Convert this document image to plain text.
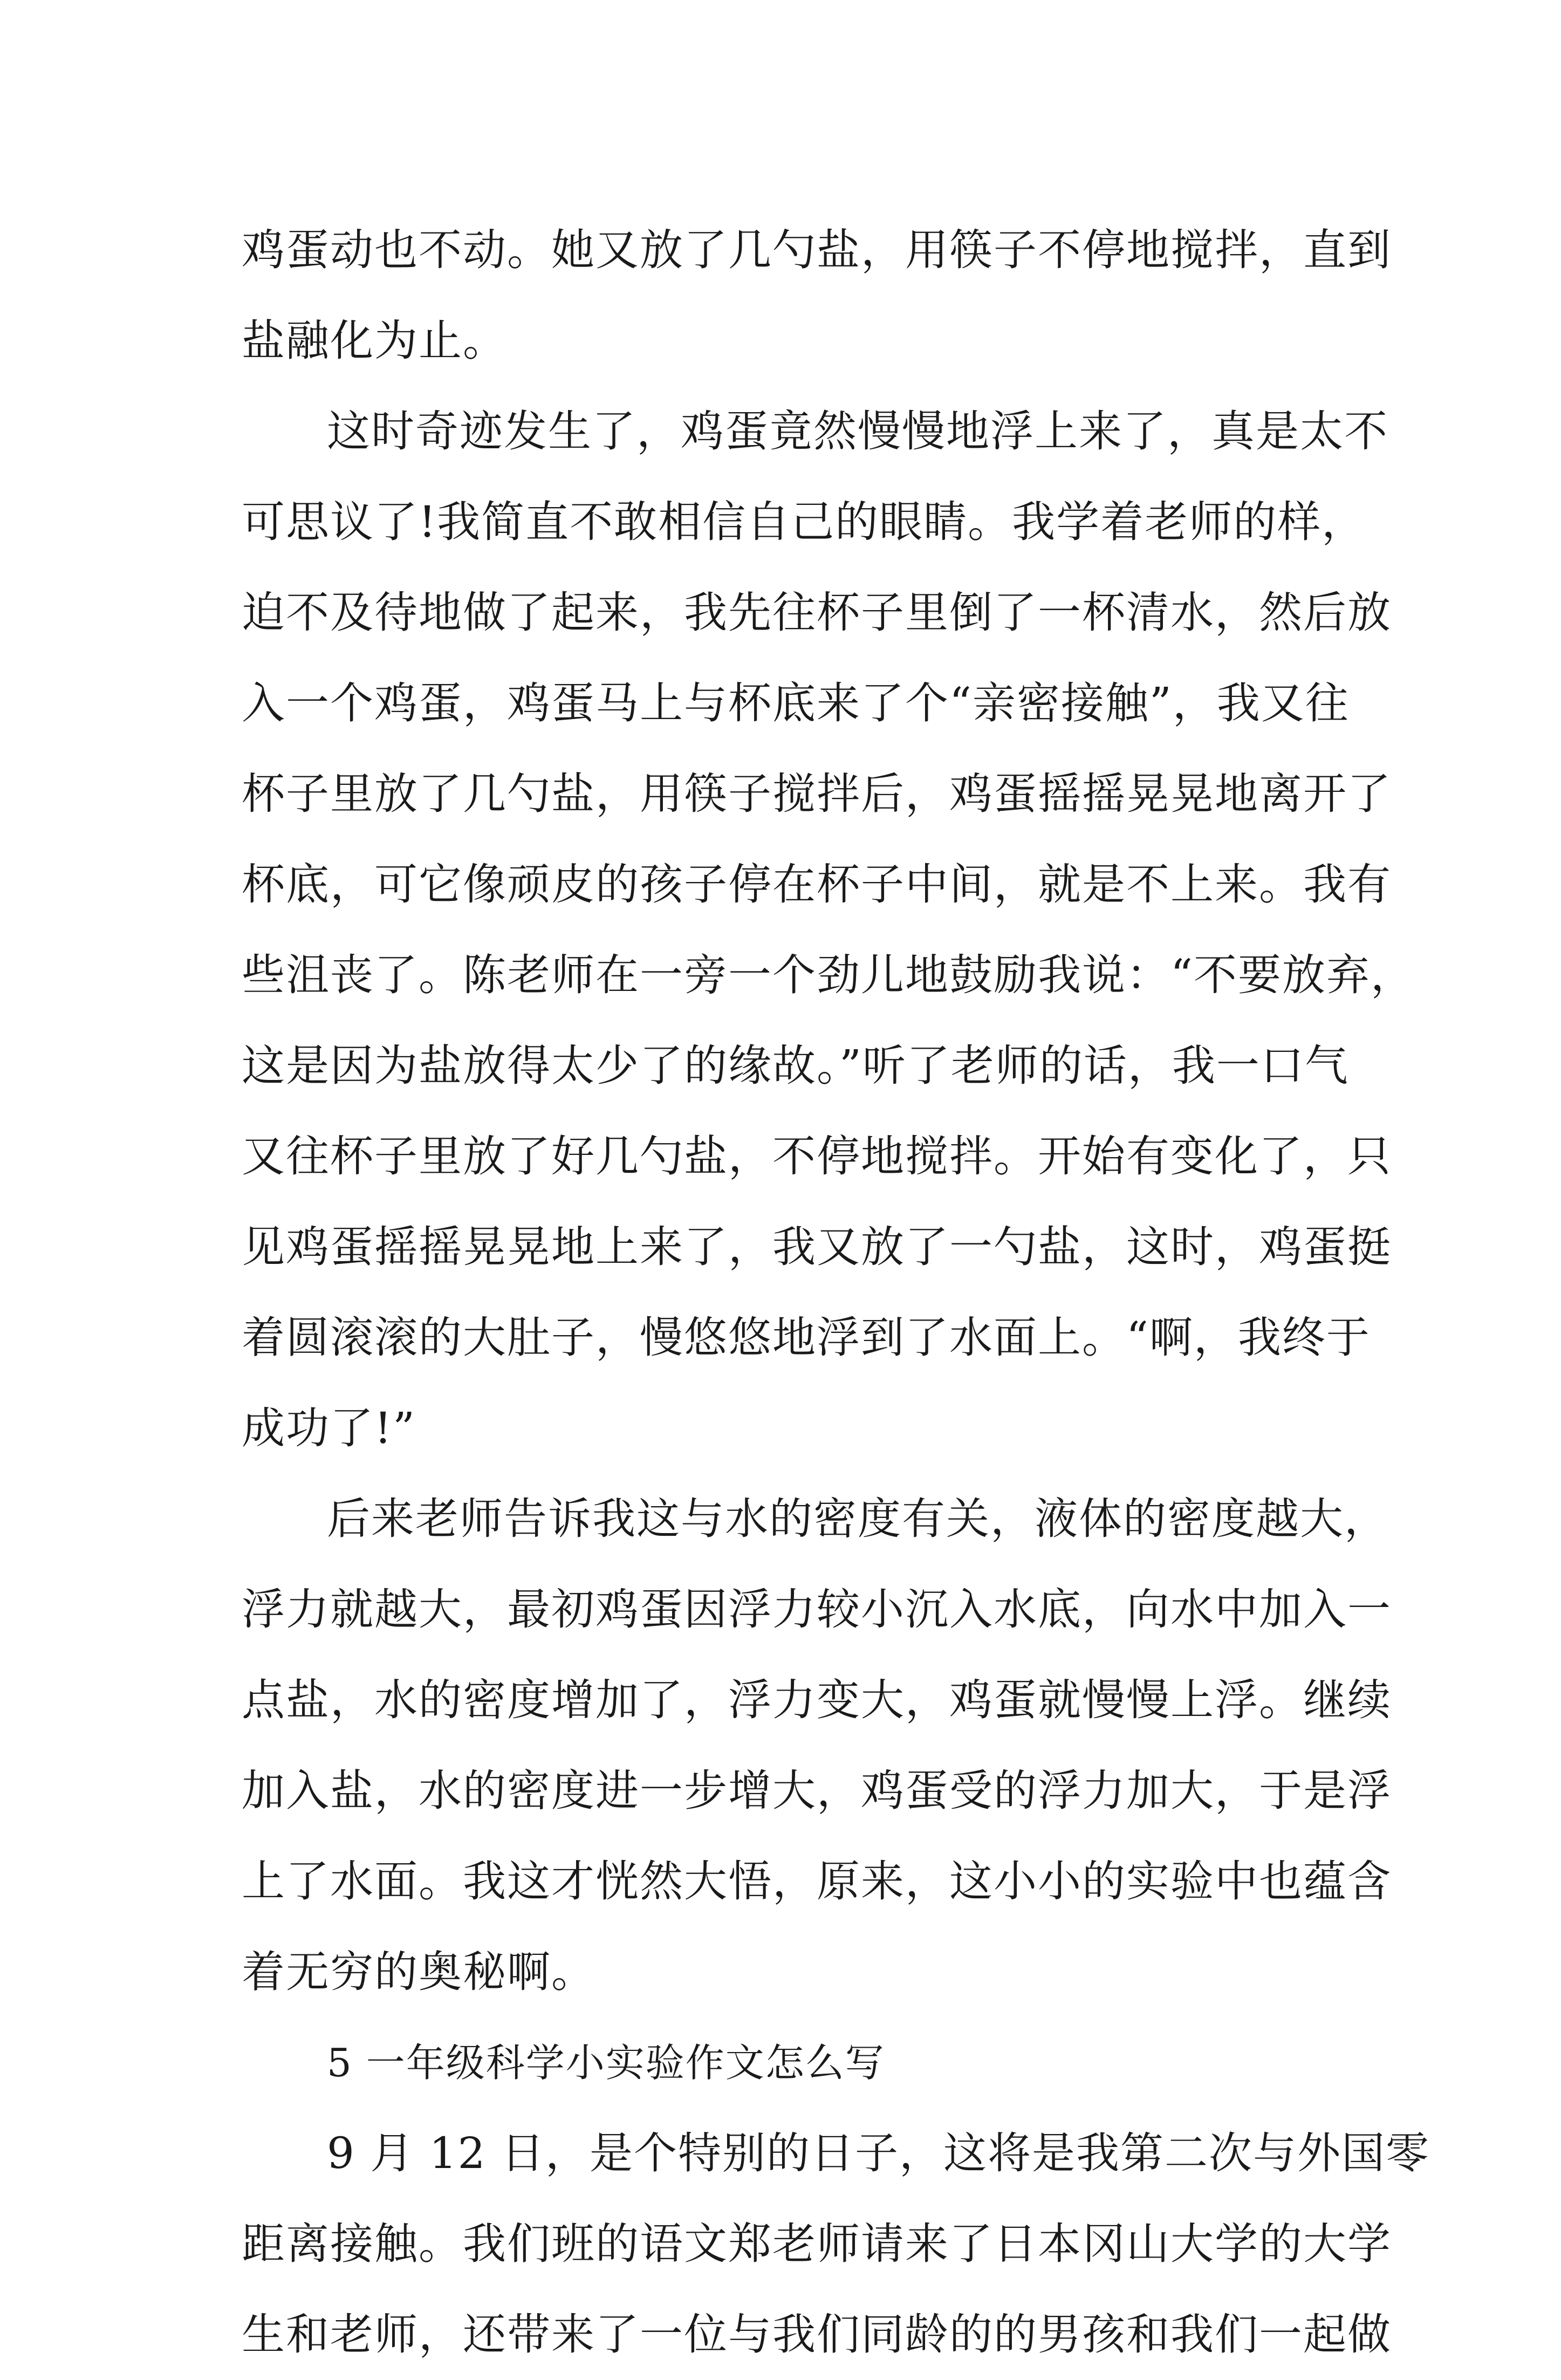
鸡蛋动也不动。她又放了几勺盐，用筷子不停地搅拌，直到
盐融化为止。
这时奇迹发生了，鸡蛋竟然慢慢地浮上来了，真是太不
可思议了!我简直不敢相信自己的眼睛。我学着老师的样，
迫不及待地做了起来，我先往杯子里倒了一杯清水，然后放
入一个鸡蛋，鸡蛋马上与杯底来了个“亲密接触”，我又往
杯子里放了几勺盐，用筷子搅拌后，鸡蛋摇摇晃晃地离开了
杯底，可它像顽皮的孩子停在杯子中间，就是不上来。我有
些沮丧了。陈老师在一旁一个劲儿地鼓励我说：“不要放弃，
这是因为盐放得太少了的缘故。”听了老师的话，我一口气
又往杯子里放了好几勺盐，不停地搅拌。开始有变化了，只
见鸡蛋摇摇晃晃地上来了，我又放了一勺盐，这时，鸡蛋挺
着圆滚滚的大肚子，慢悠悠地浮到了水面上。“啊，我终于
成功了!”
后来老师告诉我这与水的密度有关，液体的密度越大，
浮力就越大，最初鸡蛋因浮力较小沉入水底，向水中加入一
点盐，水的密度增加了，浮力变大，鸡蛋就慢慢上浮。继续
加入盐，水的密度进一步增大，鸡蛋受的浮力加大，于是浮
上了水面。我这才恍然大悟，原来，这小小的实验中也蕴含
着无穷的奥秘啊。
5 一年级科学小实验作文怎么写
9 月 12 日，是个特别的日子，这将是我第二次与外国零
距离接触。我们班的语文郑老师请来了日本冈山大学的大学
生和老师，还带来了一位与我们同龄的的男孩和我们一起做
